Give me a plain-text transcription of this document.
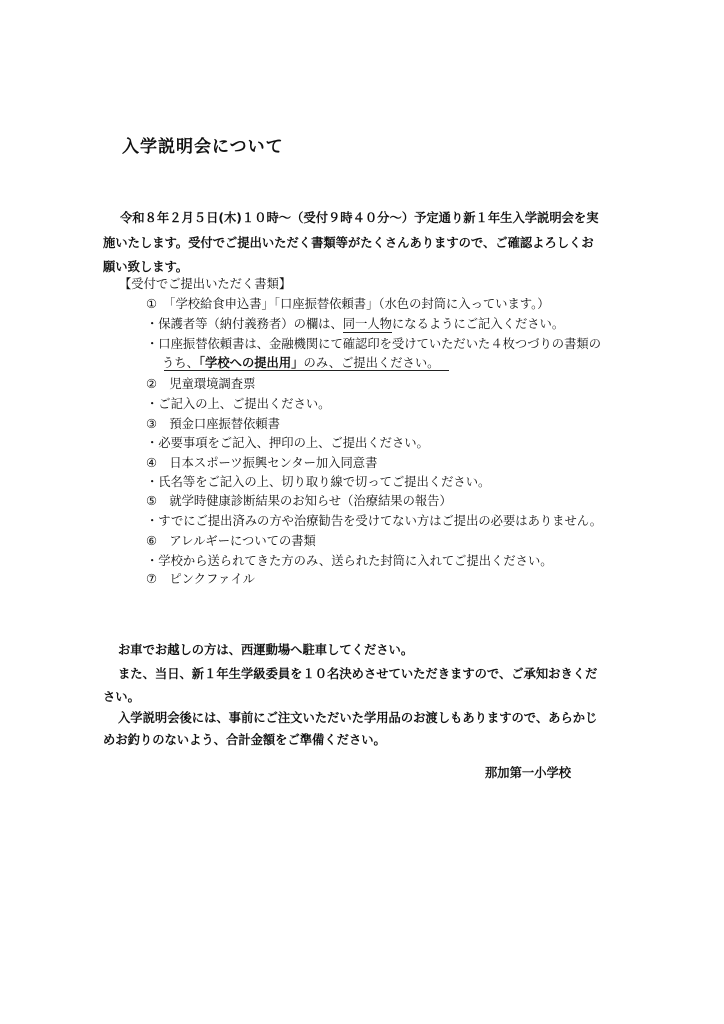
入学説明会について
令和８年２月５日(木)１０時～（受付９時４０分～）予定通り新１年生入学説明会を実
施いたします。受付でご提出いただく書類等がたくさんありますので、ご確認よろしくお
願い致します。
【受付でご提出いただく書類】
①　「学校給食申込書」「口座振替依頼書」（水色の封筒に入っています。）
・保護者等（納付義務者）の欄は、同一人物になるようにご記入ください。
・口座振替依頼書は、金融機関にて確認印を受けていただいた４枚つづりの書類の
うち、「学校への提出用」のみ、ご提出ください。
②　児童環境調査票
・ご記入の上、ご提出ください。
③　預金口座振替依頼書
・必要事項をご記入、押印の上、ご提出ください。
④　日本スポーツ振興センター加入同意書
・氏名等をご記入の上、切り取り線で切ってご提出ください。
⑤　就学時健康診断結果のお知らせ（治療結果の報告）
・すでにご提出済みの方や治療勧告を受けてない方はご提出の必要はありません。
⑥　アレルギーについての書類
・学校から送られてきた方のみ、送られた封筒に入れてご提出ください。
⑦　ピンクファイル
お車でお越しの方は、西運動場へ駐車してください。
また、当日、新１年生学級委員を１０名決めさせていただきますので、ご承知おきくだ
さい。
入学説明会後には、事前にご注文いただいた学用品のお渡しもありますので、あらかじ
めお釣りのないよう、合計金額をご準備ください。
那加第一小学校
